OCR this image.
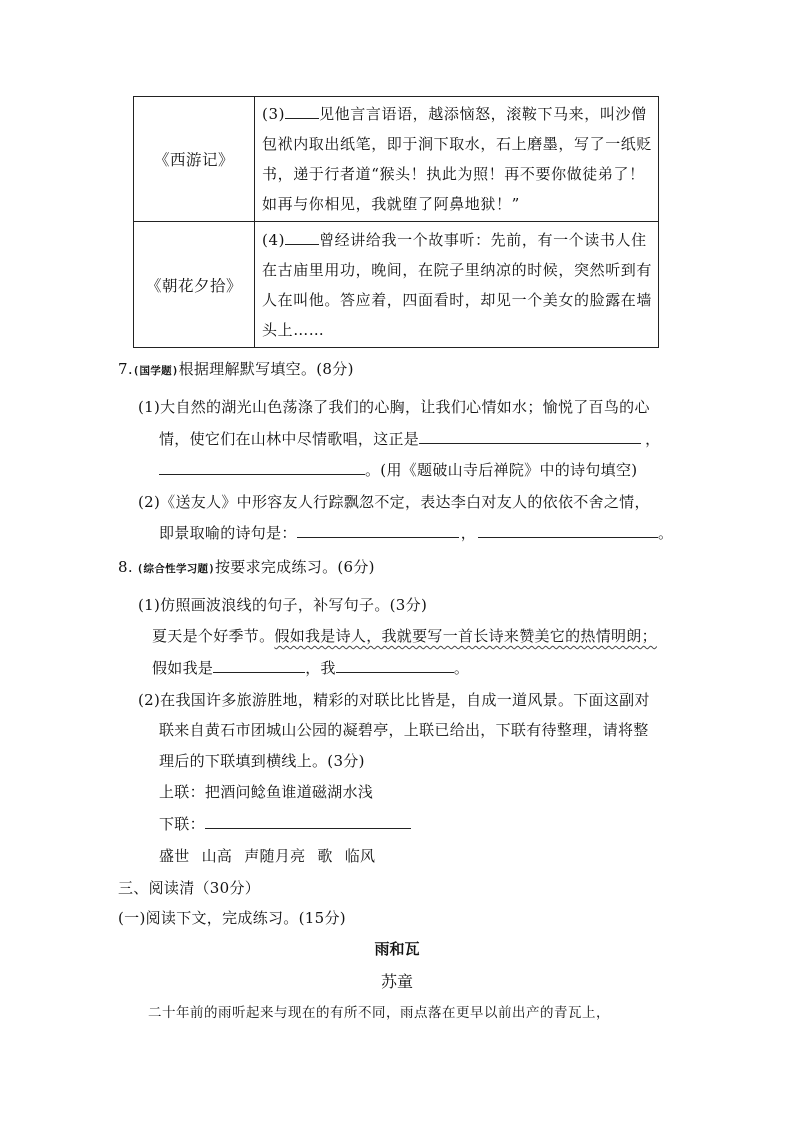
《西游记》	(3) 见他言言语语，越添恼怒，滚鞍下马来，叫沙僧
包袱内取出纸笔，即于涧下取水，石上磨墨，写了一纸贬
书，递于行者道“猴头！执此为照！再不要你做徒弟了！
如再与你相见，我就堕了阿鼻地狱！”
《朝花夕拾》	(4) 曾经讲给我一个故事听：先前，有一个读书人住
在古庙里用功，晚间，在院子里纳凉的时候，突然听到有
人在叫他。答应着，四面看时，却见一个美女的脸露在墙
头上……
7.(国学题)根据理解默写填空。(8分)
(1)大自然的湖光山色荡涤了我们的心胸，让我们心情如水；愉悦了百鸟的心
情，使它们在山林中尽情歌唱，这正是	，
。(用《题破山寺后禅院》中的诗句填空)
(2)《送友人》中形容友人行踪飘忽不定，表达李白对友人的依依不舍之情，
即景取喻的诗句是：	，	。
8. (综合性学习题)按要求完成练习。(6分)
(1)仿照画波浪线的句子，补写句子。(3分)
夏天是个好季节。假如我是诗人，我就要写一首长诗来赞美它的热情明朗；
假如我是	，我	。
(2)在我国许多旅游胜地，精彩的对联比比皆是，自成一道风景。下面这副对
联来自黄石市团城山公园的凝碧亭，上联已给出，下联有待整理，请将整
理后的下联填到横线上。(3分)
上联：把酒问鲶鱼谁道磁湖水浅
下联：
盛世 山高 声随月亮 歌 临风
三、阅读清（30分）
(一)阅读下文，完成练习。(15分)
雨和瓦
苏童
二十年前的雨听起来与现在的有所不同，雨点落在更早以前出产的青瓦上，
